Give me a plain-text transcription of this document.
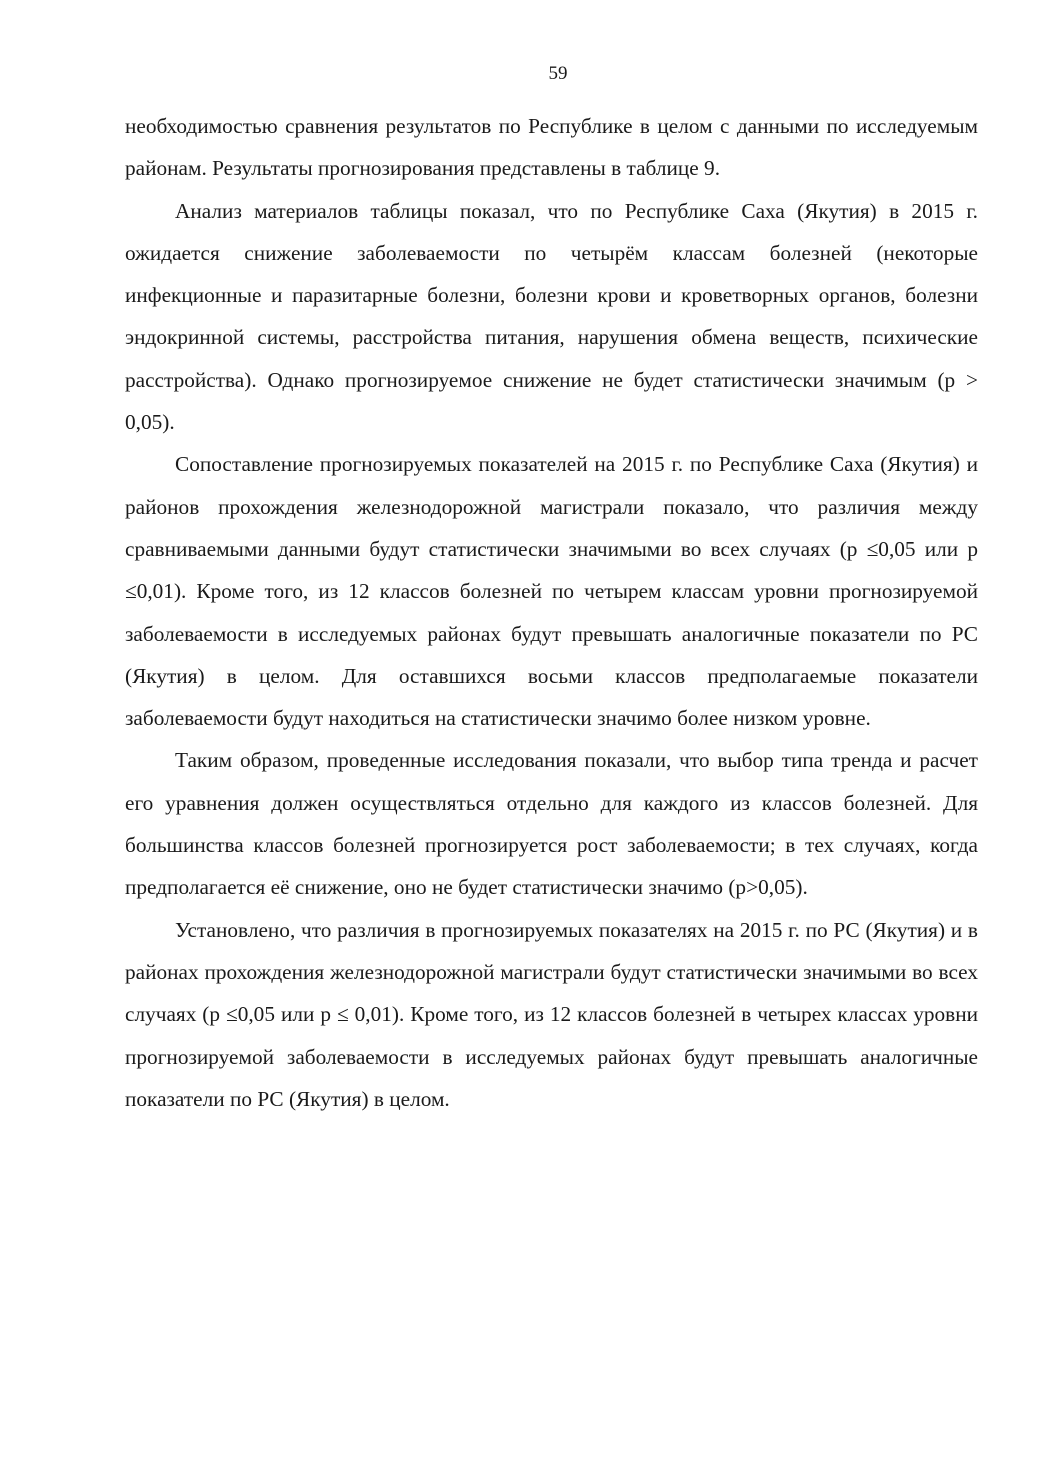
59

необходимостью сравнения результатов по Республике в целом с данными по исследуемым районам. Результаты прогнозирования представлены в таблице 9.

Анализ материалов таблицы показал, что по Республике Саха (Якутия) в 2015 г. ожидается снижение заболеваемости по четырём классам болезней (некоторые инфекционные и паразитарные болезни, болезни крови и кроветворных органов, болезни эндокринной системы, расстройства питания, нарушения обмена веществ, психические расстройства). Однако прогнозируемое снижение не будет статистически значимым (р > 0,05).

Сопоставление прогнозируемых показателей на 2015 г. по Республике Саха (Якутия) и районов прохождения железнодорожной магистрали показало, что различия между сравниваемыми данными будут статистически значимыми во всех случаях (р ≤0,05 или р ≤0,01). Кроме того, из 12 классов болезней по четырем классам уровни прогнозируемой заболеваемости в исследуемых районах будут превышать аналогичные показатели по РС (Якутия) в целом. Для оставшихся восьми классов предполагаемые показатели заболеваемости будут находиться на статистически значимо более низком уровне.

Таким образом, проведенные исследования показали, что выбор типа тренда и расчет его уравнения должен осуществляться отдельно для каждого из классов болезней. Для большинства классов болезней прогнозируется рост заболеваемости; в тех случаях, когда предполагается её снижение, оно не будет статистически значимо (р>0,05).

Установлено, что различия в прогнозируемых показателях на 2015 г. по РС (Якутия) и в районах прохождения железнодорожной магистрали будут статистически значимыми во всех случаях (р ≤0,05 или р ≤ 0,01). Кроме того, из 12 классов болезней в четырех классах уровни прогнозируемой заболеваемости в исследуемых районах будут превышать аналогичные показатели по РС (Якутия) в целом.
